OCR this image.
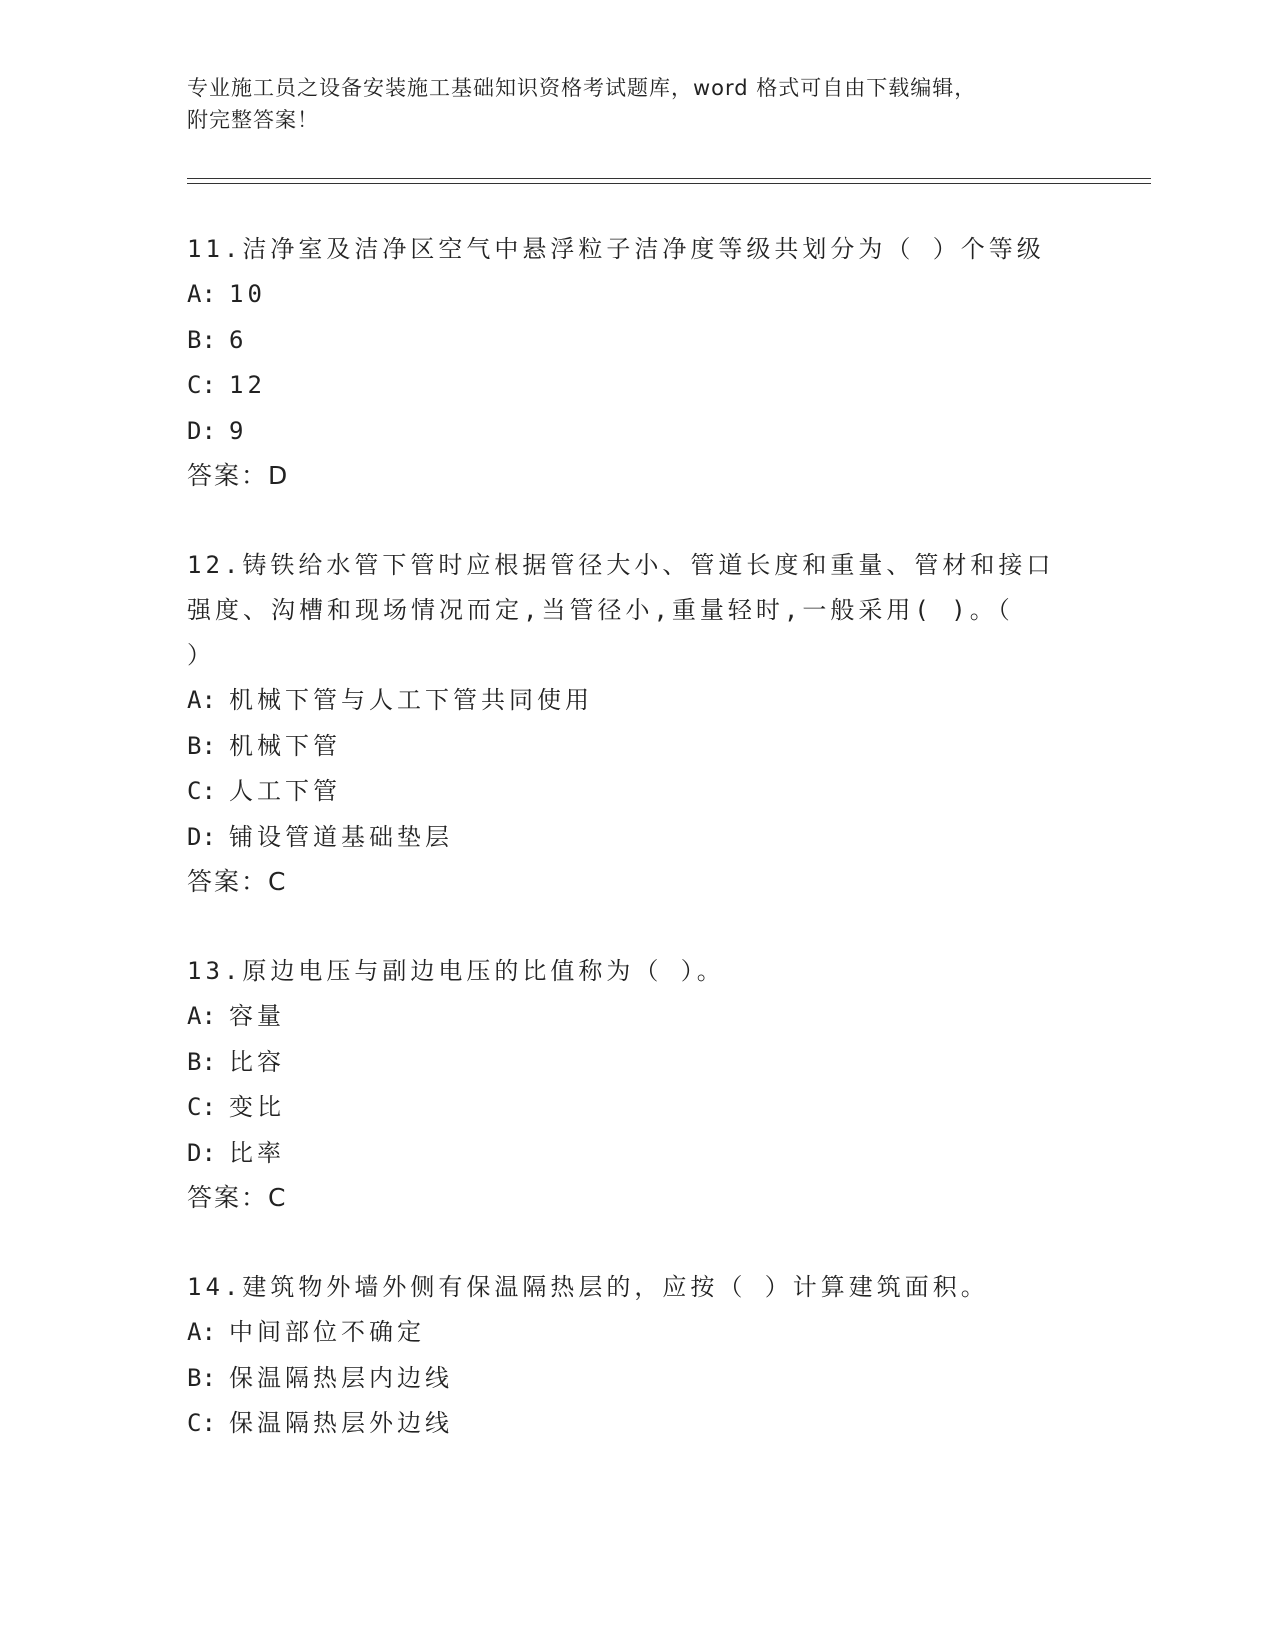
专业施工员之设备安装施工基础知识资格考试题库，word 格式可自由下载编辑，
附完整答案！

11.洁净室及洁净区空气中悬浮粒子洁净度等级共划分为（ ）个等级

A: 10

B: 6

C: 12

D: 9

答案：D

12.铸铁给水管下管时应根据管径大小、管道长度和重量、管材和接口

强度、沟槽和现场情况而定,当管径小,重量轻时,一般采用( )。（

）

A: 机械下管与人工下管共同使用

B: 机械下管

C: 人工下管

D: 铺设管道基础垫层

答案：C

13.原边电压与副边电压的比值称为（ ）。

A: 容量

B: 比容

C: 变比

D: 比率

答案：C

14.建筑物外墙外侧有保温隔热层的，应按（ ）计算建筑面积。

A: 中间部位不确定

B: 保温隔热层内边线

C: 保温隔热层外边线
